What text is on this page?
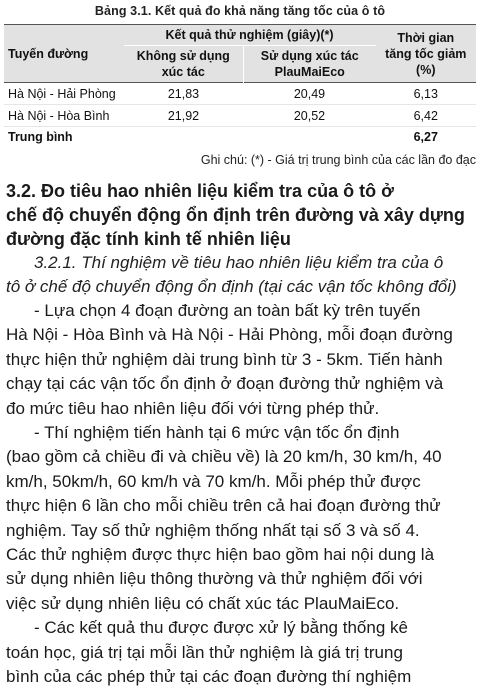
Bảng 3.1. Kết quả đo khả năng tăng tốc của ô tô
Tuyến đường	Kết quả thử nghiệm (giây)(*)		Thời gian
tăng tốc giảm
(%)
	Không sử dụng
xúc tác	Sử dụng xúc tác
PlauMaiEco	
Hà Nội - Hải Phòng	21,83	20,49	6,13
Hà Nội - Hòa Bình	21,92	20,52	6,42
Trung bình			6,27
Ghi chú: (*) - Giá trị trung bình của các lần đo đạc
3.2. Đo tiêu hao nhiên liệu kiểm tra của ô tô ở
chế độ chuyển động ổn định trên đường và xây dựng
đường đặc tính kinh tế nhiên liệu
3.2.1. Thí nghiệm về tiêu hao nhiên liệu kiểm tra của ô
tô ở chế độ chuyển động ổn định (tại các vận tốc không đổi)
- Lựa chọn 4 đoạn đường an toàn bất kỳ trên tuyến
Hà Nội - Hòa Bình và Hà Nội - Hải Phòng, mỗi đoạn đường
thực hiện thử nghiệm dài trung bình từ 3 - 5km. Tiến hành
chạy tại các vận tốc ổn định ở đoạn đường thử nghiệm và
đo mức tiêu hao nhiên liệu đối với từng phép thử.
- Thí nghiệm tiến hành tại 6 mức vận tốc ổn định
(bao gồm cả chiều đi và chiều về) là 20 km/h, 30 km/h, 40
km/h, 50km/h, 60 km/h và 70 km/h. Mỗi phép thử được
thực hiện 6 lần cho mỗi chiều trên cả hai đoạn đường thử
nghiệm. Tay số thử nghiệm thống nhất tại số 3 và số 4.
Các thử nghiệm được thực hiện bao gồm hai nội dung là
sử dụng nhiên liệu thông thường và thử nghiệm đối với
việc sử dụng nhiên liệu có chất xúc tác PlauMaiEco.
- Các kết quả thu được được xử lý bằng thống kê
toán học, giá trị tại mỗi lần thử nghiệm là giá trị trung
bình của các phép thử tại các đoạn đường thí nghiệm
